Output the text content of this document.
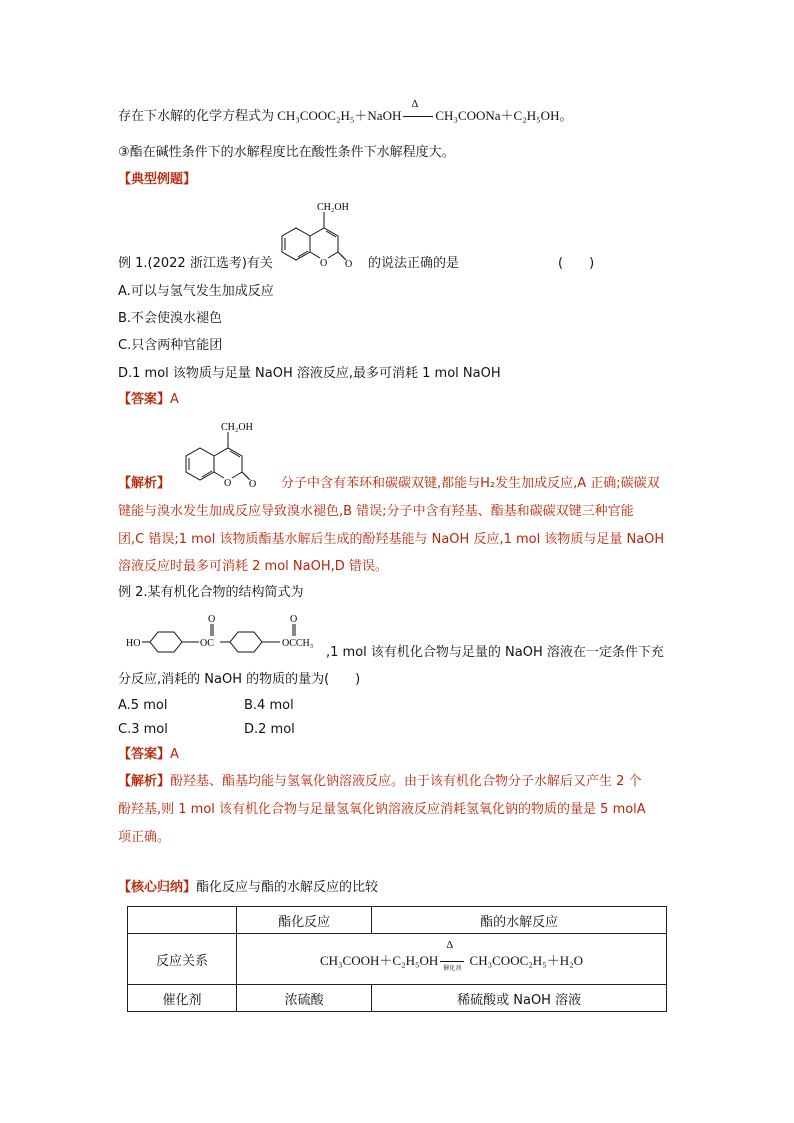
存在下水解的化学方程式为 CH₃COOC₂H₅＋NaOH
Δ
CH₃COONa＋C₂H₅OH。
③酯在碱性条件下的水解程度比在酸性条件下水解程度大。
【典型例题】
CH₂OH
O O
例 1.(2022 浙江选考)有关	的说法正确的是	(　　)
A.可以与氢气发生加成反应
B.不会使溴水褪色
C.只含两种官能团
D.1 mol 该物质与足量 NaOH 溶液反应,最多可消耗 1 mol NaOH
【答案】A
CH₂OH
O O
【解析】	分子中含有苯环和碳碳双键,都能与H₂发生加成反应,A 正确;碳碳双
键能与溴水发生加成反应导致溴水褪色,B 错误;分子中含有羟基、酯基和碳碳双键三种官能
团,C 错误;1 mol 该物质酯基水解后生成的酚羟基能与 NaOH 反应,1 mol 该物质与足量 NaOH
溶液反应时最多可消耗 2 mol NaOH,D 错误。
例 2.某有机化合物的结构简式为
HO
O
OC
O
OCCH₃
,1 mol 该有机化合物与足量的 NaOH 溶液在一定条件下充
分反应,消耗的 NaOH 的物质的量为(　　)
A.5 mol	B.4 mol
C.3 mol	D.2 mol
【答案】A
【解析】酚羟基、酯基均能与氢氧化钠溶液反应。由于该有机化合物分子水解后又产生 2 个
酚羟基,则 1 mol 该有机化合物与足量氢氧化钠溶液反应消耗氢氧化钠的物质的量是 5 molA
项正确。
【核心归纳】酯化反应与酯的水解反应的比较
	酯化反应	酯的水解反应
反应关系	CH₃COOH＋C₂H₅OH
Δ
催化剂
CH₃COOC₂H₅＋H₂O	
催化剂	浓硫酸	稀硫酸或 NaOH 溶液
